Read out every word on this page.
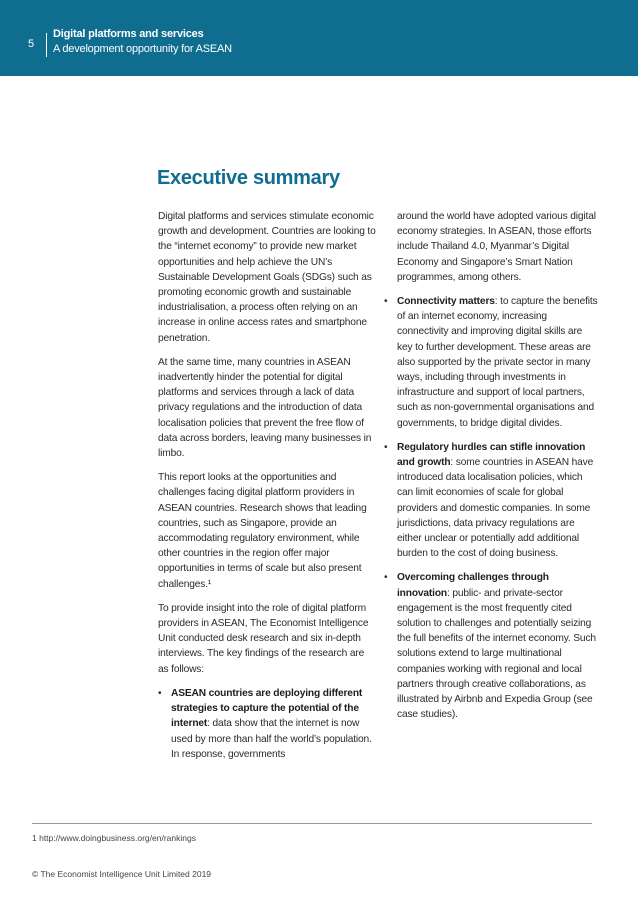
5
Digital platforms and services
A development opportunity for ASEAN
Executive summary

Digital platforms and services stimulate economic growth and development. Countries are looking to the “internet economy” to provide new market opportunities and help achieve the UN’s Sustainable Development Goals (SDGs) such as promoting economic growth and sustainable industrialisation, a process often relying on an increase in online access rates and smartphone penetration.

At the same time, many countries in ASEAN inadvertently hinder the potential for digital platforms and services through a lack of data privacy regulations and the introduction of data localisation policies that prevent the free flow of data across borders, leaving many businesses in limbo.

This report looks at the opportunities and challenges facing digital platform providers in ASEAN countries. Research shows that leading countries, such as Singapore, provide an accommodating regulatory environment, while other countries in the region offer major opportunities in terms of scale but also present challenges.¹

To provide insight into the role of digital platform providers in ASEAN, The Economist Intelligence Unit conducted desk research and six in-depth interviews. The key findings of the research are as follows:

• ASEAN countries are deploying different strategies to capture the potential of the internet: data show that the internet is now used by more than half the world’s population. In response, governments

around the world have adopted various digital economy strategies. In ASEAN, those efforts include Thailand 4.0, Myanmar’s Digital Economy and Singapore’s Smart Nation programmes, among others.

• Connectivity matters: to capture the benefits of an internet economy, increasing connectivity and improving digital skills are key to further development. These areas are also supported by the private sector in many ways, including through investments in infrastructure and support of local partners, such as non-governmental organisations and governments, to bridge digital divides.
• Regulatory hurdles can stifle innovation and growth: some countries in ASEAN have introduced data localisation policies, which can limit economies of scale for global providers and domestic companies. In some jurisdictions, data privacy regulations are either unclear or potentially add additional burden to the cost of doing business.
• Overcoming challenges through innovation: public- and private-sector engagement is the most frequently cited solution to challenges and potentially seizing the full benefits of the internet economy. Such solutions extend to large multinational companies working with regional and local partners through creative collaborations, as illustrated by Airbnb and Expedia Group (see case studies).
1 http://www.doingbusiness.org/en/rankings
© The Economist Intelligence Unit Limited 2019
